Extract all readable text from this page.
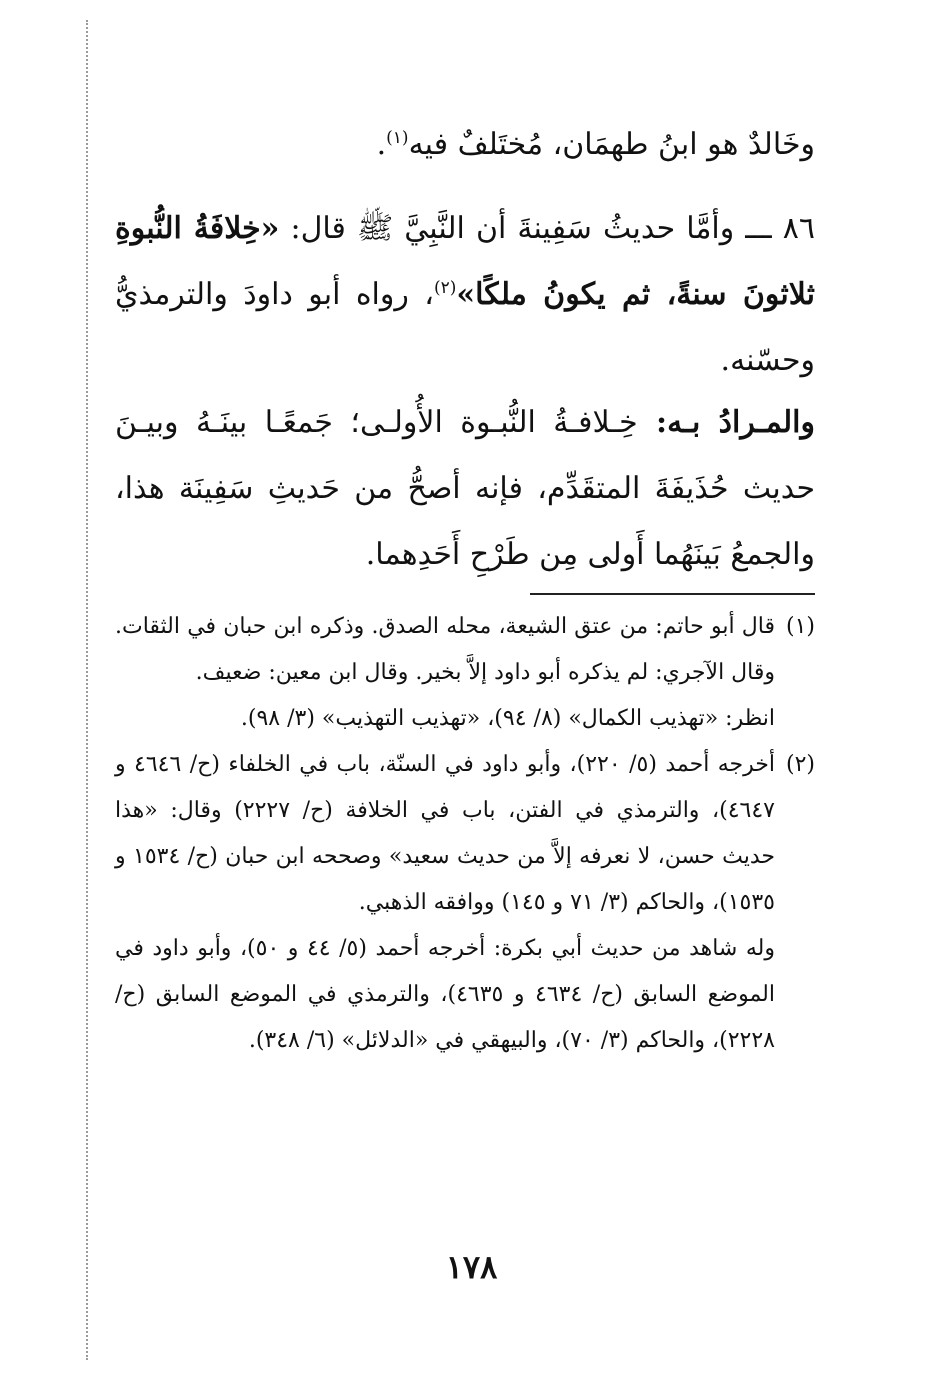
وخَالدٌ هو ابنُ طهمَان، مُختَلفٌ فيه$^{(١)}$.

٨٦ ـــ وأمَّا حديثُ سَفِينةَ أن النَّبِيَّ ﷺ قال: «خِلافَةُ النُّبوةِ ثلاثونَ سنةً، ثم يكونُ ملكًا»$^{(٢)}$، رواه أبو داودَ والترمذيُّ وحسّنه.

والمـرادُ بـه: خِـلافـةُ النُّبـوة الأُولـى؛ جَمعًـا بينَـهُ وبيـنَ حديث حُذَيفَةَ المتقَدِّم، فإنه أصحُّ من حَديثِ سَفِينَة هذا، والجمعُ بَينَهُما أَولى مِن طَرْحِ أَحَدِهما.

(١)

قال أبو حاتم: من عتق الشيعة، محله الصدق. وذكره ابن حبان في الثقات. وقال الآجري: لم يذكره أبو داود إلاَّ بخير. وقال ابن معين: ضعيف.

انظر: «تهذيب الكمال» (٨/ ٩٤)، «تهذيب التهذيب» (٣/ ٩٨).

(٢)

أخرجه أحمد (٥/ ٢٢٠)، وأبو داود في السنّة، باب في الخلفاء (ح/ ٤٦٤٦ و ٤٦٤٧)، والترمذي في الفتن، باب في الخلافة (ح/ ٢٢٢٧) وقال: «هذا حديث حسن، لا نعرفه إلاَّ من حديث سعيد» وصححه ابن حبان (ح/ ١٥٣٤ و ١٥٣٥)، والحاكم (٣/ ٧١ و ١٤٥) ووافقه الذهبي.

وله شاهد من حديث أبي بكرة: أخرجه أحمد (٥/ ٤٤ و ٥٠)، وأبو داود في الموضع السابق (ح/ ٤٦٣٤ و ٤٦٣٥)، والترمذي في الموضع السابق (ح/ ٢٢٢٨)، والحاكم (٣/ ٧٠)، والبيهقي في «الدلائل» (٦/ ٣٤٨).

١٧٨
